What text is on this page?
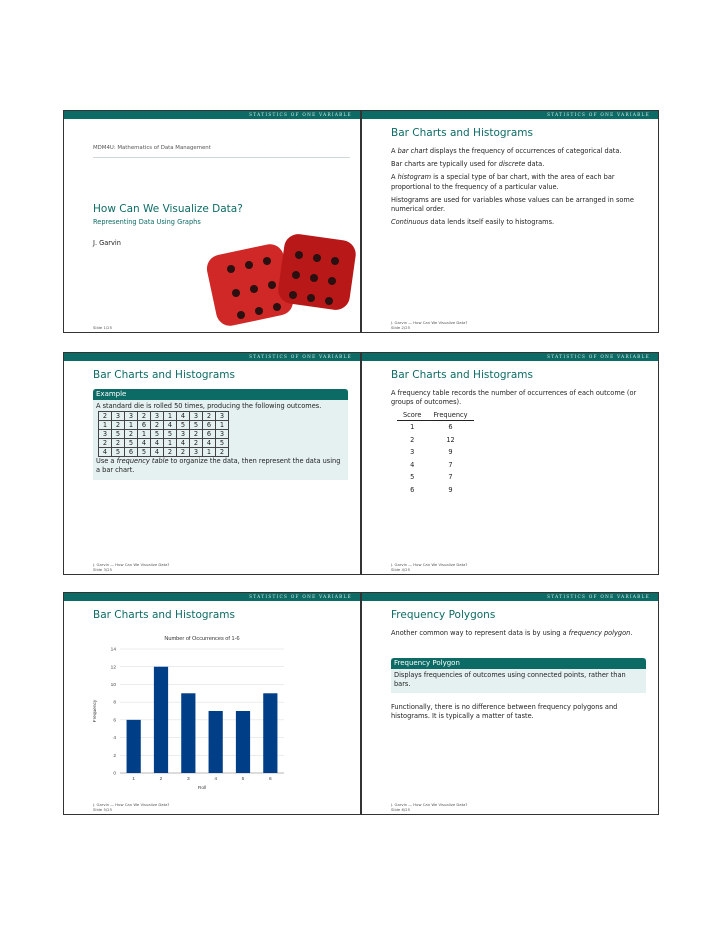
STATISTICS OF ONE VARIABLE
MDM4U: Mathematics of Data Management
How Can We Visualize Data?
Representing Data Using Graphs
J. Garvin
Slide 1/25
STATISTICS OF ONE VARIABLE
Bar Charts and Histograms

A bar chart displays the frequency of occurrences of categorical data.

Bar charts are typically used for discrete data.

A histogram is a special type of bar chart, with the area of each bar proportional to the frequency of a particular value.

Histograms are used for variables whose values can be arranged in some numerical order.

Continuous data lends itself easily to histograms.

J. Garvin — How Can We Visualize Data?
Slide 2/25
STATISTICS OF ONE VARIABLE
Bar Charts and Histograms
Example
A standard die is rolled 50 times, producing the following outcomes.
2	3	3	2	3	1	4	3	2	3
1	2	1	6	2	4	5	5	6	1
3	5	2	1	5	5	3	2	6	3
2	2	5	4	4	1	4	2	4	5
4	5	6	5	4	2	2	3	1	2
Use a frequency table to organize the data, then represent the data using a bar chart.
J. Garvin — How Can We Visualize Data?
Slide 3/25
STATISTICS OF ONE VARIABLE
Bar Charts and Histograms

A frequency table records the number of occurrences of each outcome (or groups of outcomes).

Score	Frequency
1	6
2	12
3	9
4	7
5	7
6	9
J. Garvin — How Can We Visualize Data?
Slide 4/25
STATISTICS OF ONE VARIABLE
Bar Charts and Histograms
Number of Occurrences of 1-6
0
2
4
6
8
10
12
14
1	2	3	4	5	6
Roll
Frequency
J. Garvin — How Can We Visualize Data?
Slide 5/25
STATISTICS OF ONE VARIABLE
Frequency Polygons

Another common way to represent data is by using a frequency polygon.

Frequency Polygon
Displays frequencies of outcomes using connected points, rather than bars.

Functionally, there is no difference between frequency polygons and histograms. It is typically a matter of taste.

J. Garvin — How Can We Visualize Data?
Slide 6/25
